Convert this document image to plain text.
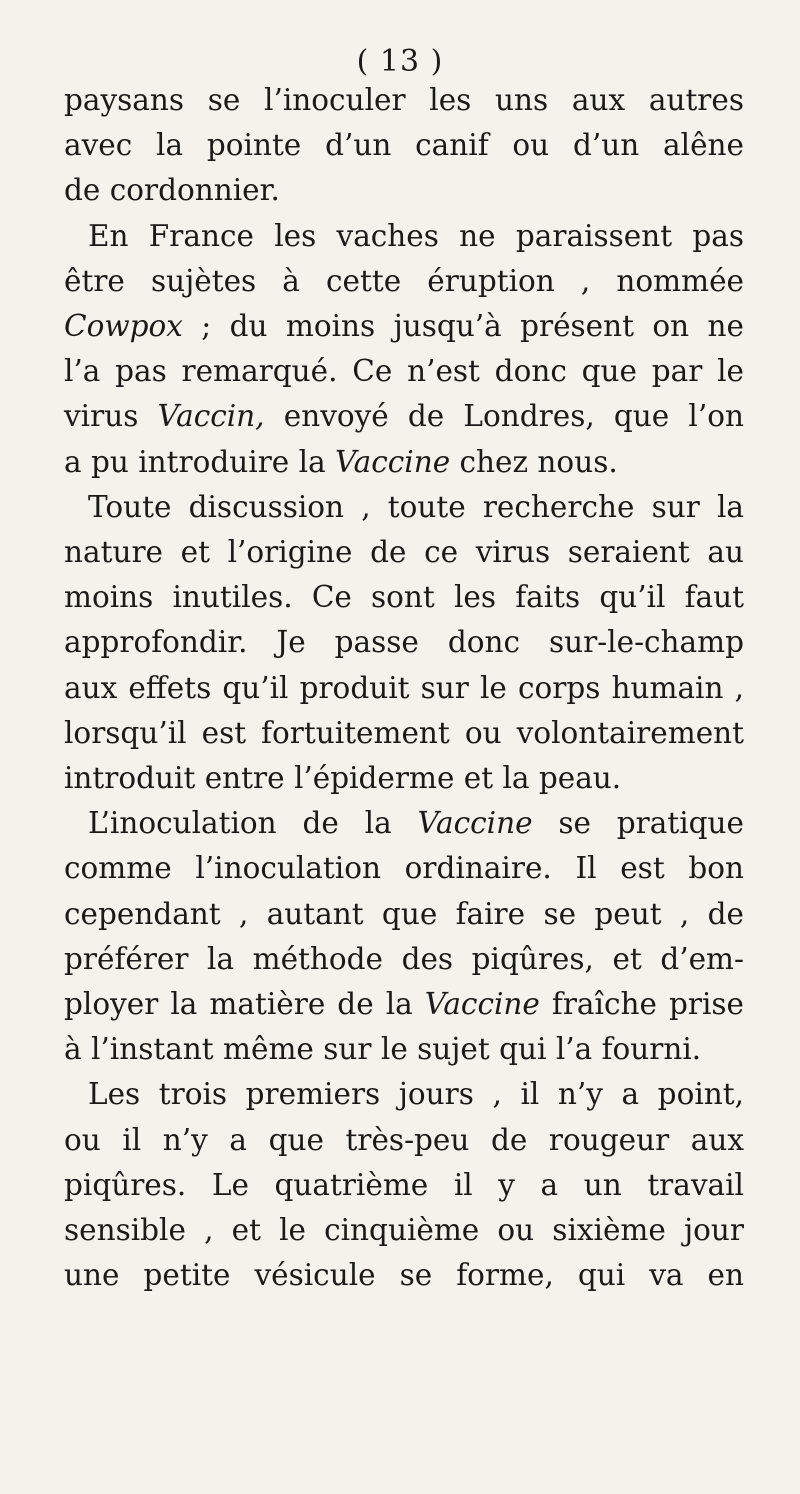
( 13 )
paysans se l’inoculer les uns aux autres
avec la pointe d’un canif ou d’un alêne
de cordonnier.
En France les vaches ne paraissent pas
être sujètes à cette éruption , nommée
Cowpox ; du moins jusqu’à présent on ne
l’a pas remarqué. Ce n’est donc que par le
virus Vaccin, envoyé de Londres, que l’on
a pu introduire la Vaccine chez nous.
Toute discussion , toute recherche sur la
nature et l’origine de ce virus seraient au
moins inutiles. Ce sont les faits qu’il faut
approfondir. Je passe donc sur-le-champ
aux effets qu’il produit sur le corps humain ,
lorsqu’il est fortuitement ou volontairement
introduit entre l’épiderme et la peau.
L’inoculation de la Vaccine se pratique
comme l’inoculation ordinaire. Il est bon
cependant , autant que faire se peut , de
préférer la méthode des piqûres, et d’em-
ployer la matière de la Vaccine fraîche prise
à l’instant même sur le sujet qui l’a fourni.
Les trois premiers jours , il n’y a point,
ou il n’y a que très-peu de rougeur aux
piqûres. Le quatrième il y a un travail
sensible , et le cinquième ou sixième jour
une petite vésicule se forme, qui va en
